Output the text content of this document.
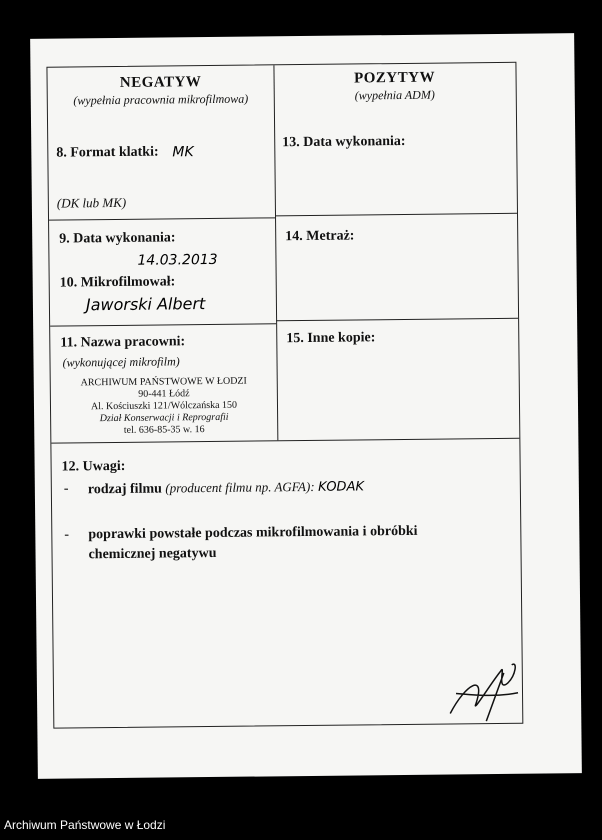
NEGATYW
(wypełnia pracownia mikrofilmowa)
8. Format klatki: MK
(DK lub MK)
9. Data wykonania:
14.03.2013
10. Mikrofilmował:
Jaworski Albert
11. Nazwa pracowni:
(wykonującej mikrofilm)
ARCHIWUM PAŃSTWOWE W ŁODZI
90-441 Łódź
Al. Kościuszki 121/Wólczańska 150
Dział Konserwacji i Reprografii
tel. 636-85-35 w. 16
POZYTYW
(wypełnia ADM)
13. Data wykonania:
14. Metraż:
15. Inne kopie:
12. Uwagi:
- rodzaj filmu (producent filmu np. AGFA): KODAK
- poprawki powstałe podczas mikrofilmowania i obróbki
chemicznej negatywu
Archiwum Państwowe w Łodzi
